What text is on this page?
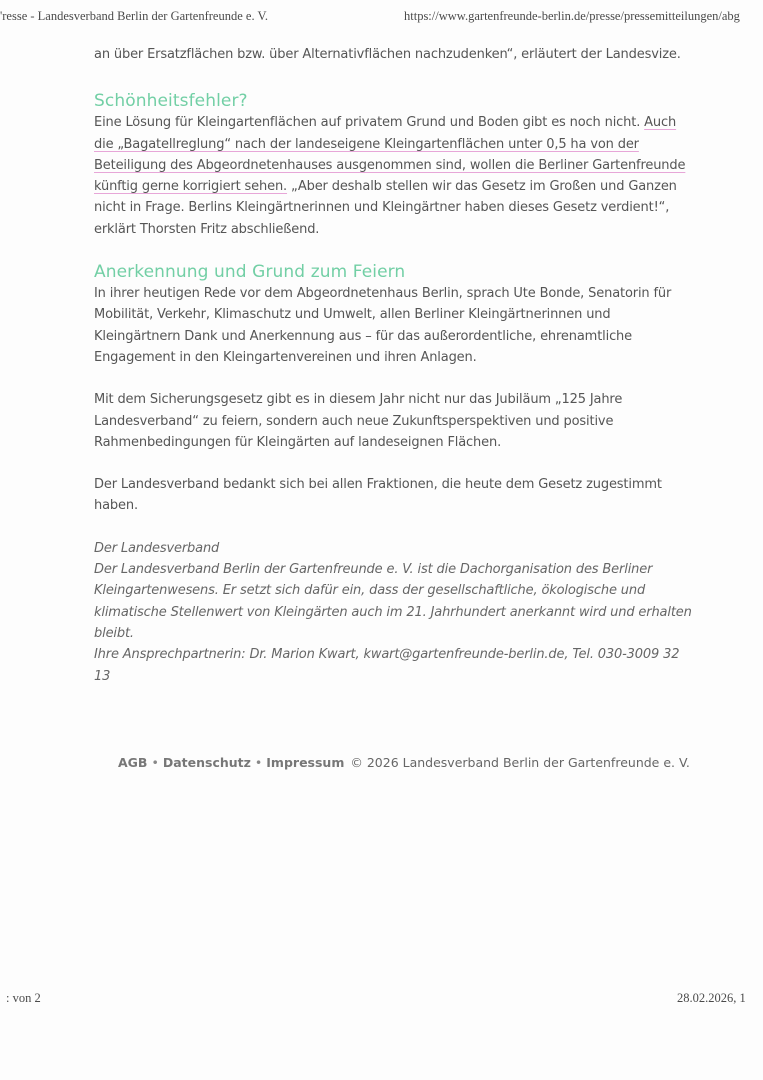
'resse - Landesverband Berlin der Gartenfreunde e. V.	https://www.gartenfreunde-berlin.de/presse/pressemitteilungen/abg

an über Ersatzflächen bzw. über Alternativflächen nachzudenken“, erläutert der Landesvize.

Schönheitsfehler?

Eine Lösung für Kleingartenflächen auf privatem Grund und Boden gibt es noch nicht. Auch die „Bagatellreglung“ nach der landeseigene Kleingartenflächen unter 0,5 ha von der Beteiligung des Abgeordnetenhauses ausgenommen sind, wollen die Berliner Gartenfreunde künftig gerne korrigiert sehen. „Aber deshalb stellen wir das Gesetz im Großen und Ganzen nicht in Frage. Berlins Kleingärtnerinnen und Kleingärtner haben dieses Gesetz verdient!“, erklärt Thorsten Fritz abschließend.

Anerkennung und Grund zum Feiern

In ihrer heutigen Rede vor dem Abgeordnetenhaus Berlin, sprach Ute Bonde, Senatorin für Mobilität, Verkehr, Klimaschutz und Umwelt, allen Berliner Kleingärtnerinnen und Kleingärtnern Dank und Anerkennung aus – für das außerordentliche, ehrenamtliche Engagement in den Kleingartenvereinen und ihren Anlagen.

Mit dem Sicherungsgesetz gibt es in diesem Jahr nicht nur das Jubiläum „125 Jahre Landesverband“ zu feiern, sondern auch neue Zukunftsperspektiven und positive Rahmenbedingungen für Kleingärten auf landeseignen Flächen.

Der Landesverband bedankt sich bei allen Fraktionen, die heute dem Gesetz zugestimmt haben.

Der Landesverband

Der Landesverband Berlin der Gartenfreunde e. V. ist die Dachorganisation des Berliner Kleingartenwesens. Er setzt sich dafür ein, dass der gesellschaftliche, ökologische und klimatische Stellenwert von Kleingärten auch im 21. Jahrhundert anerkannt wird und erhalten bleibt.

Ihre Ansprechpartnerin: Dr. Marion Kwart, kwart@gartenfreunde-berlin.de, Tel. 030-3009 32 13

AGB • Datenschutz • Impressum © 2026 Landesverband Berlin der Gartenfreunde e. V.
: von 2	28.02.2026, 1
